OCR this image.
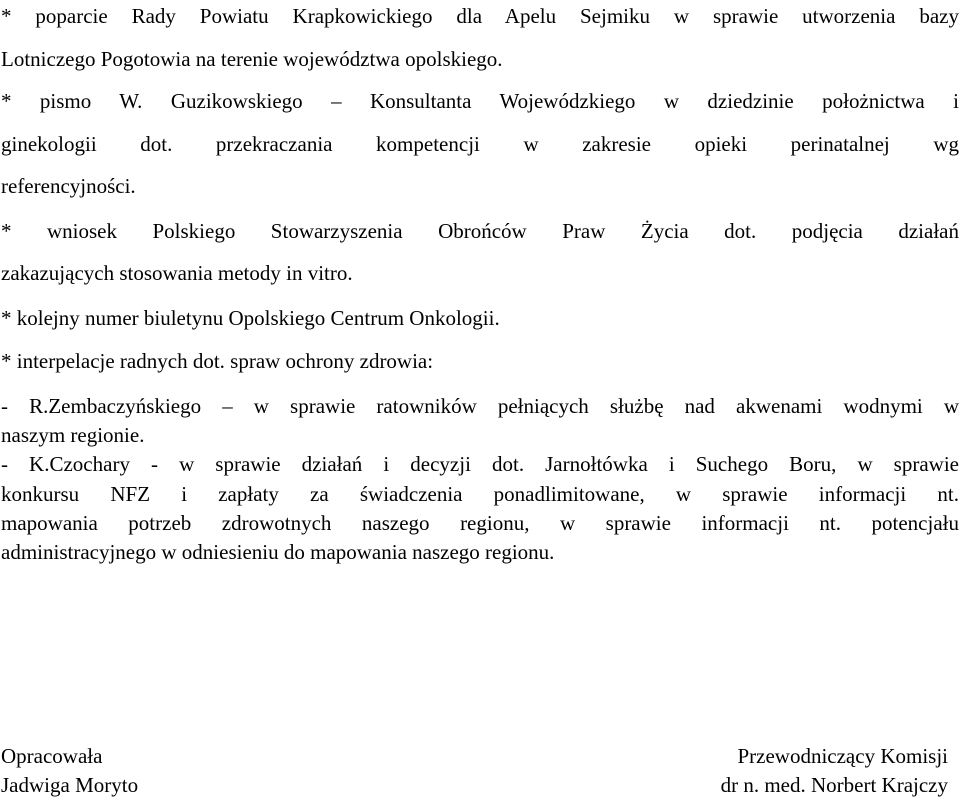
* poparcie Rady Powiatu Krapkowickiego dla Apelu Sejmiku w sprawie utworzenia bazy
Lotniczego Pogotowia na terenie województwa opolskiego.
* pismo W. Guzikowskiego – Konsultanta Wojewódzkiego w dziedzinie położnictwa i
ginekologii dot. przekraczania kompetencji w zakresie opieki perinatalnej wg
referencyjności.
* wniosek Polskiego Stowarzyszenia Obrońców Praw Życia dot. podjęcia działań
zakazujących stosowania metody in vitro.
* kolejny numer biuletynu Opolskiego Centrum Onkologii.
* interpelacje radnych dot. spraw ochrony zdrowia:
- R.Zembaczyńskiego – w sprawie ratowników pełniących służbę nad akwenami wodnymi w
naszym regionie.
- K.Czochary - w sprawie działań i decyzji dot. Jarnołtówka i Suchego Boru, w sprawie
konkursu NFZ i zapłaty za świadczenia ponadlimitowane, w sprawie informacji nt.
mapowania potrzeb zdrowotnych naszego regionu, w sprawie informacji nt. potencjału
administracyjnego w odniesieniu do mapowania naszego regionu.
Opracowała
Jadwiga Moryto
Przewodniczący Komisji
dr n. med. Norbert Krajczy
